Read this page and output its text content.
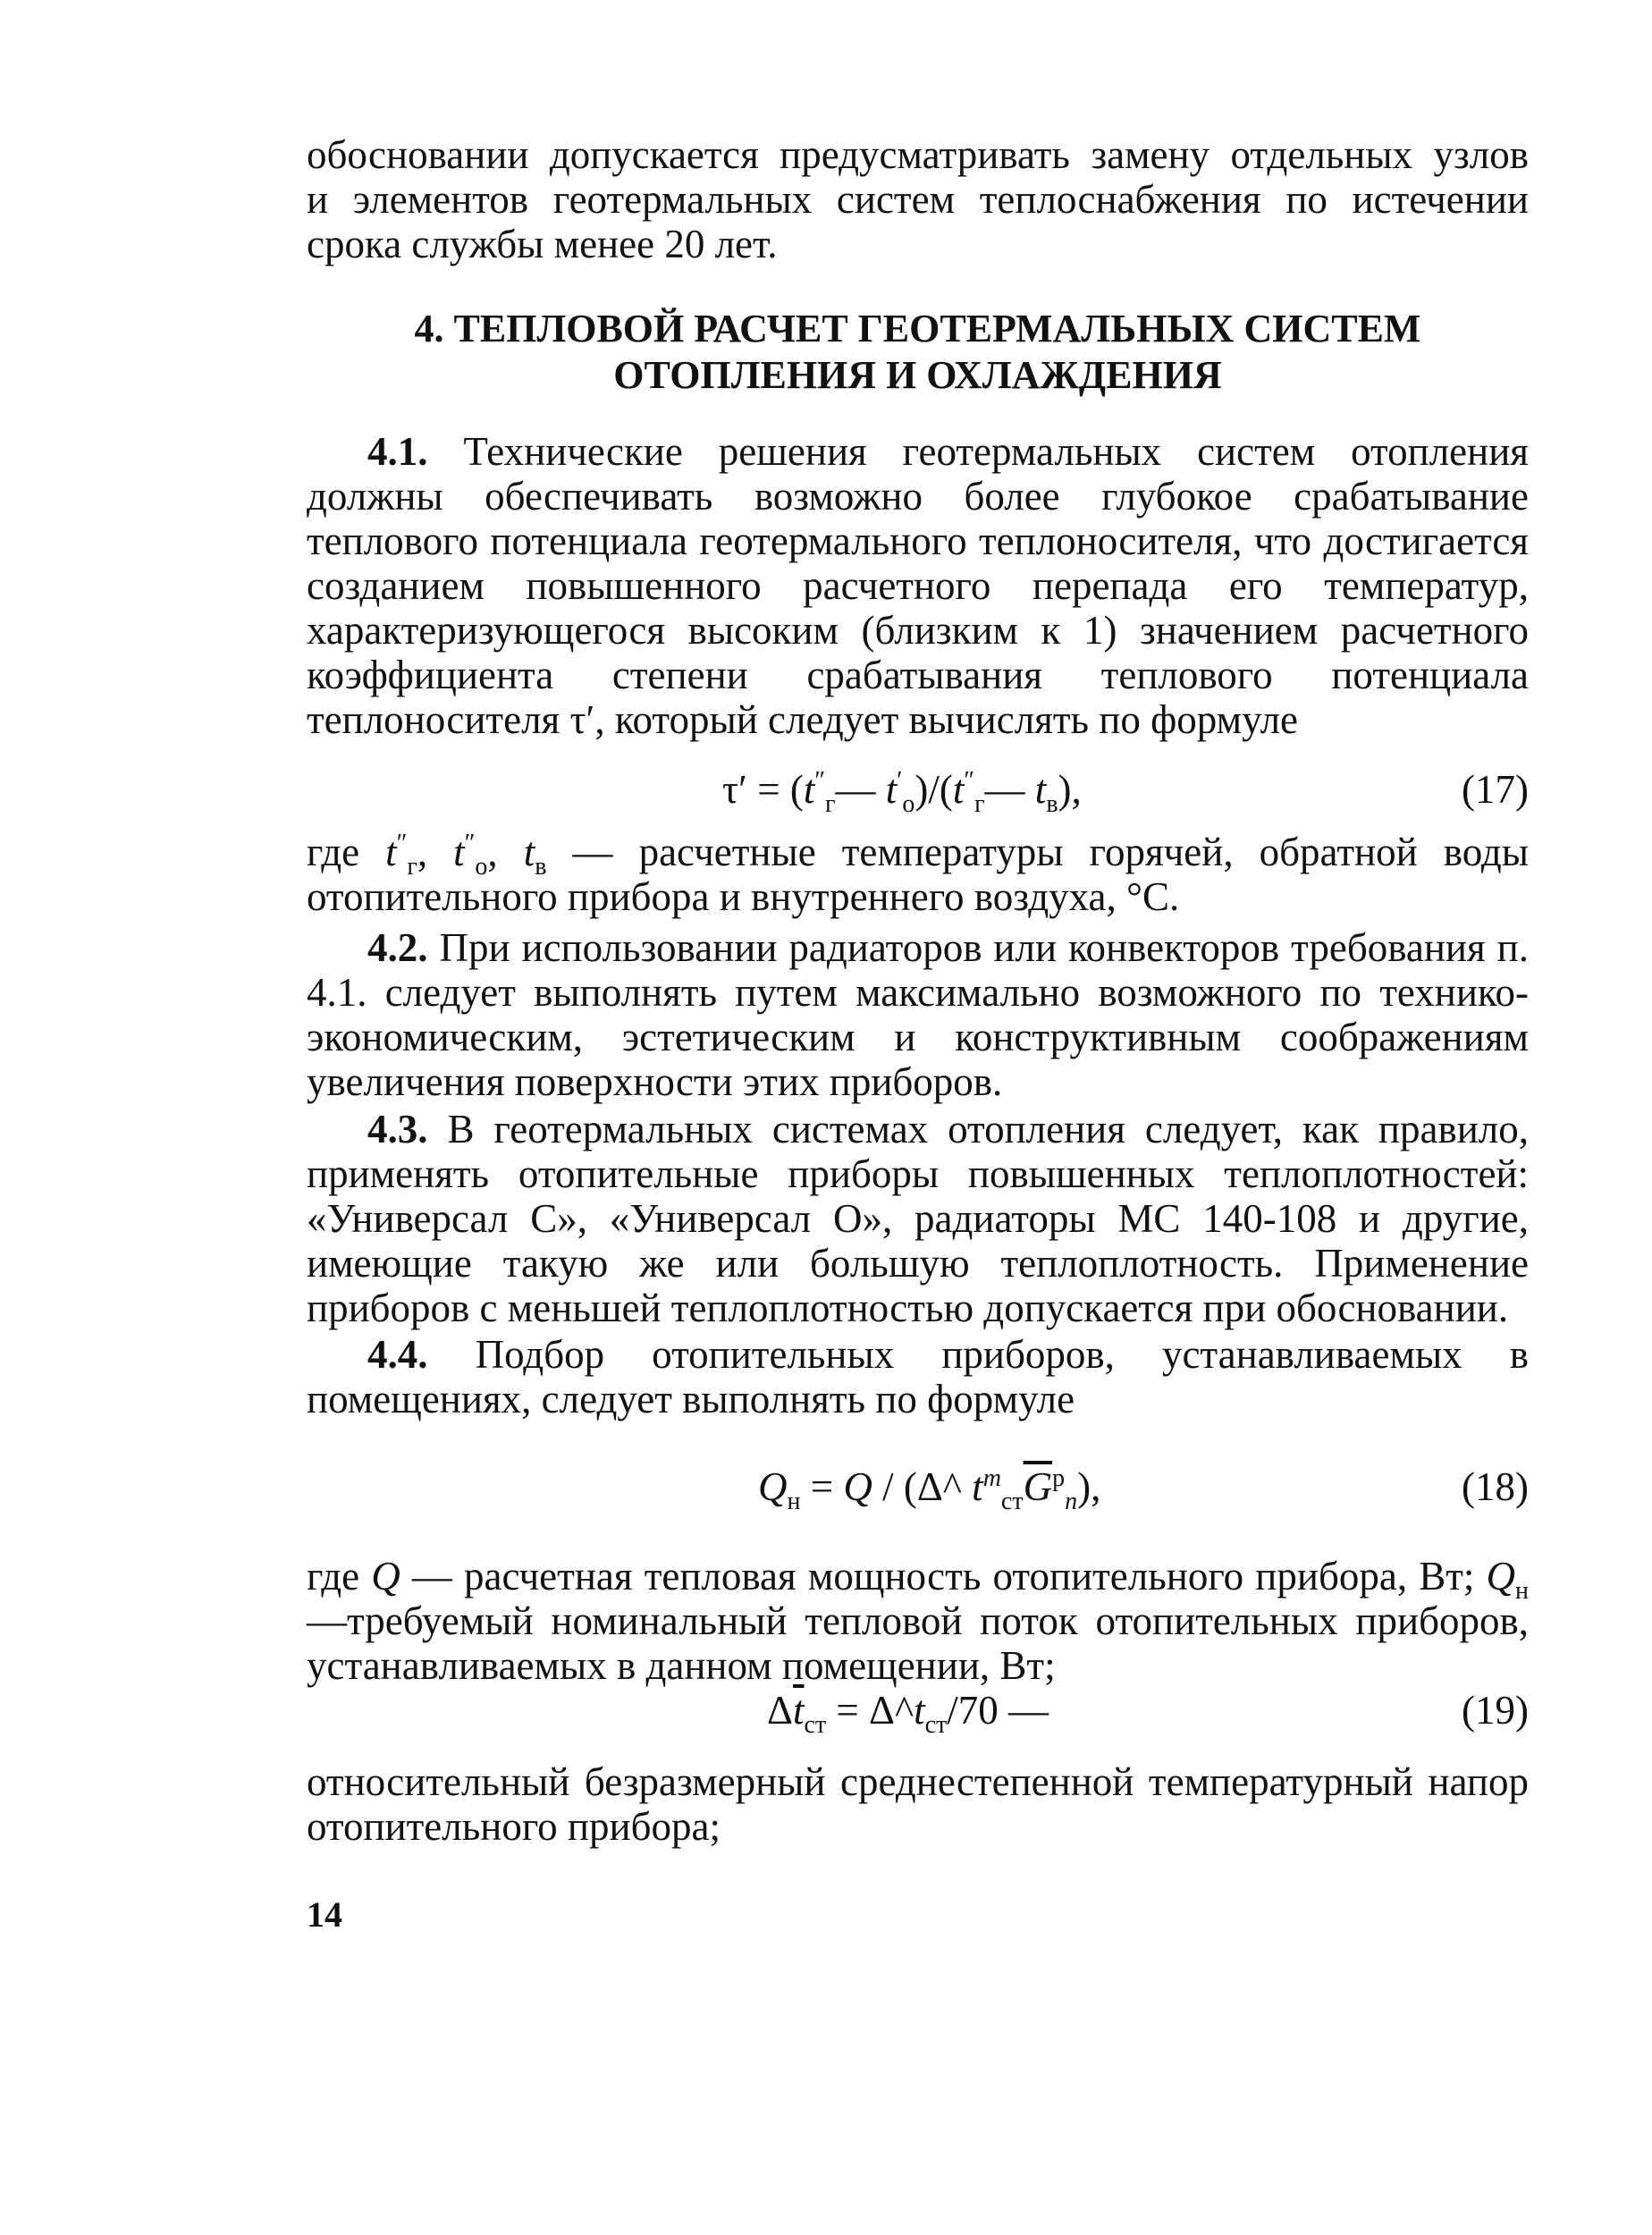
обосновании допускается предусматривать замену отдельных узлов

и элементов геотермальных систем теплоснабжения по истечении

срока службы менее 20 лет.

4. ТЕПЛОВОЙ РАСЧЕТ ГЕОТЕРМАЛЬНЫХ СИСТЕМ
ОТОПЛЕНИЯ И ОХЛАЖДЕНИЯ

4.1. Технические решения геотермальных систем отопления должны обеспечивать возможно более глубокое срабатывание теплового потенциала геотермального теплоносителя, что достигается созданием повышенного расчетного перепада его температур, характеризующегося высоким (близким к 1) значением расчетного коэффициента степени срабатывания теплового потенциала теплоносителя τ′, который следует вычислять по формуле

$\tau' = (t''_г—$ $t'_о)/(t''_г—$ $t_в$),	(17)

где $t''_г$, $t''_о$, $t_в$ — расчетные температуры горячей, обратной воды отопительного прибора и внутреннего воздуха, °С.

4.2. При использовании радиаторов или конвекторов требования п. 4.1. следует выполнять путем максимально возможного по технико-экономическим, эстетическим и конструктивным соображениям увеличения поверхности этих приборов.

4.3. В геотермальных системах отопления следует, как правило, применять отопительные приборы повышенных теплоплотностей: «Универсал С», «Универсал О», радиаторы МС 140-108 и другие, имеющие такую же или большую теплоплотность. Применение приборов с меньшей теплоплотностью допускается при обосновании.

4.4. Подбор отопительных приборов, устанавливаемых в помещениях, следует выполнять по формуле

$Q_н = Q$ / (Δ^ $t^m_{ст}\overline{G}^p_п$),	(18)

где Q — расчетная тепловая мощность отопительного прибора, Вт; $Q_н$ —требуемый номинальный тепловой поток отопительных приборов, устанавливаемых в данном помещении, Вт;

$\Delta\overline{t}_{ст}$ = $\Delta\^{}t_{ст}/70$ —	(19)

относительный безразмерный среднестепенной температурный напор отопительного прибора;

14
